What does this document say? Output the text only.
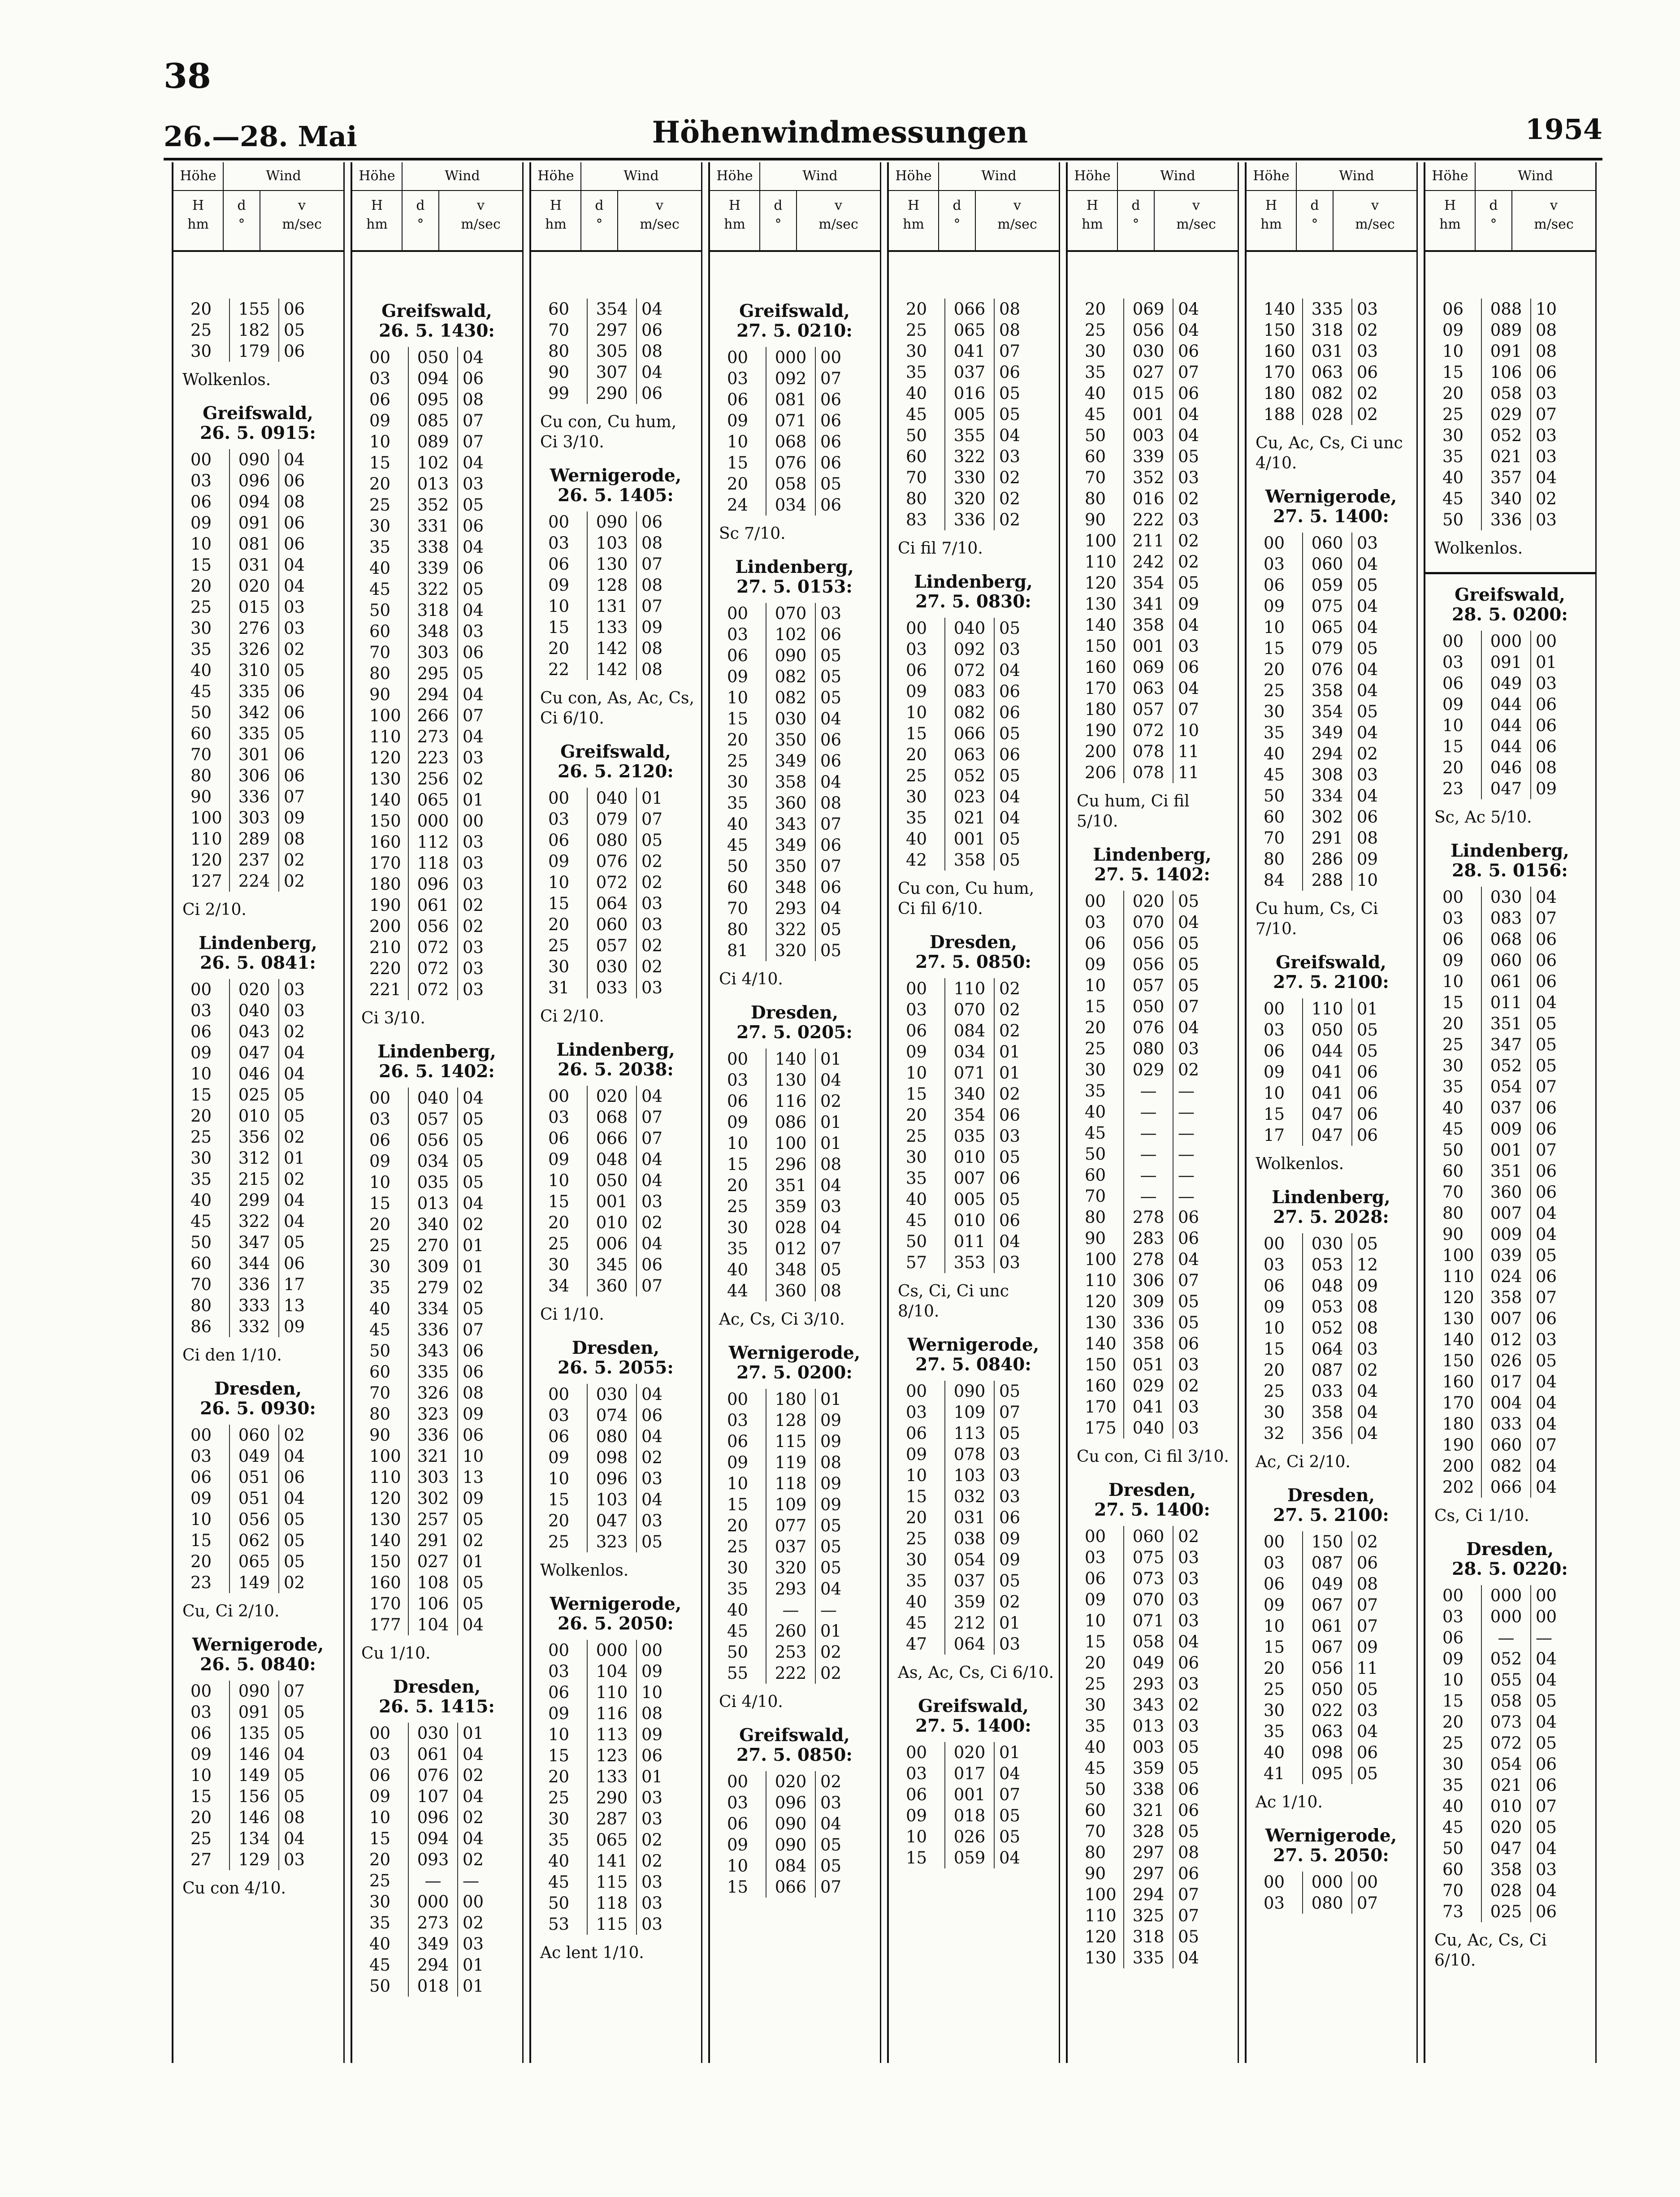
38
26.—28. Mai	Höhenwindmessungen	1954
Höhe	Wind
H
hm
d
°
v
m/sec
20	155	06
25	182	05
30	179	06
Wolkenlos.
Greifswald,
26. 5. 0915:
00	090	04
03	096	06
06	094	08
09	091	06
10	081	06
15	031	04
20	020	04
25	015	03
30	276	03
35	326	02
40	310	05
45	335	06
50	342	06
60	335	05
70	301	06
80	306	06
90	336	07
100	303	09
110	289	08
120	237	02
127	224	02
Ci 2/10.
Lindenberg,
26. 5. 0841:
00	020	03
03	040	03
06	043	02
09	047	04
10	046	04
15	025	05
20	010	05
25	356	02
30	312	01
35	215	02
40	299	04
45	322	04
50	347	05
60	344	06
70	336	17
80	333	13
86	332	09
Ci den 1/10.
Dresden,
26. 5. 0930:
00	060	02
03	049	04
06	051	06
09	051	04
10	056	05
15	062	05
20	065	05
23	149	02
Cu, Ci 2/10.
Wernigerode,
26. 5. 0840:
00	090	07
03	091	05
06	135	05
09	146	04
10	149	05
15	156	05
20	146	08
25	134	04
27	129	03
Cu con 4/10.
Höhe	Wind
H
hm
d
°
v
m/sec
Greifswald,
26. 5. 1430:
00	050	04
03	094	06
06	095	08
09	085	07
10	089	07
15	102	04
20	013	03
25	352	05
30	331	06
35	338	04
40	339	06
45	322	05
50	318	04
60	348	03
70	303	06
80	295	05
90	294	04
100	266	07
110	273	04
120	223	03
130	256	02
140	065	01
150	000	00
160	112	03
170	118	03
180	096	03
190	061	02
200	056	02
210	072	03
220	072	03
221	072	03
Ci 3/10.
Lindenberg,
26. 5. 1402:
00	040	04
03	057	05
06	056	05
09	034	05
10	035	05
15	013	04
20	340	02
25	270	01
30	309	01
35	279	02
40	334	05
45	336	07
50	343	06
60	335	06
70	326	08
80	323	09
90	336	06
100	321	10
110	303	13
120	302	09
130	257	05
140	291	02
150	027	01
160	108	05
170	106	05
177	104	04
Cu 1/10.
Dresden,
26. 5. 1415:
00	030	01
03	061	04
06	076	02
09	107	04
10	096	02
15	094	04
20	093	02
25	—	—
30	000	00
35	273	02
40	349	03
45	294	01
50	018	01
Höhe	Wind
H
hm
d
°
v
m/sec
60	354	04
70	297	06
80	305	08
90	307	04
99	290	06
Cu con, Cu hum, Ci 3/10.
Wernigerode,
26. 5. 1405:
00	090	06
03	103	08
06	130	07
09	128	08
10	131	07
15	133	09
20	142	08
22	142	08
Cu con, As, Ac, Cs, Ci 6/10.
Greifswald,
26. 5. 2120:
00	040	01
03	079	07
06	080	05
09	076	02
10	072	02
15	064	03
20	060	03
25	057	02
30	030	02
31	033	03
Ci 2/10.
Lindenberg,
26. 5. 2038:
00	020	04
03	068	07
06	066	07
09	048	04
10	050	04
15	001	03
20	010	02
25	006	04
30	345	06
34	360	07
Ci 1/10.
Dresden,
26. 5. 2055:
00	030	04
03	074	06
06	080	04
09	098	02
10	096	03
15	103	04
20	047	03
25	323	05
Wolkenlos.
Wernigerode,
26. 5. 2050:
00	000	00
03	104	09
06	110	10
09	116	08
10	113	09
15	123	06
20	133	01
25	290	03
30	287	03
35	065	02
40	141	02
45	115	03
50	118	03
53	115	03
Ac lent 1/10.
Höhe	Wind
H
hm
d
°
v
m/sec
Greifswald,
27. 5. 0210:
00	000	00
03	092	07
06	081	06
09	071	06
10	068	06
15	076	06
20	058	05
24	034	06
Sc 7/10.
Lindenberg,
27. 5. 0153:
00	070	03
03	102	06
06	090	05
09	082	05
10	082	05
15	030	04
20	350	06
25	349	06
30	358	04
35	360	08
40	343	07
45	349	06
50	350	07
60	348	06
70	293	04
80	322	05
81	320	05
Ci 4/10.
Dresden,
27. 5. 0205:
00	140	01
03	130	04
06	116	02
09	086	01
10	100	01
15	296	08
20	351	04
25	359	03
30	028	04
35	012	07
40	348	05
44	360	08
Ac, Cs, Ci 3/10.
Wernigerode,
27. 5. 0200:
00	180	01
03	128	09
06	115	09
09	119	08
10	118	09
15	109	09
20	077	05
25	037	05
30	320	05
35	293	04
40	—	—
45	260	01
50	253	02
55	222	02
Ci 4/10.
Greifswald,
27. 5. 0850:
00	020	02
03	096	03
06	090	04
09	090	05
10	084	05
15	066	07
Höhe	Wind
H
hm
d
°
v
m/sec
20	066	08
25	065	08
30	041	07
35	037	06
40	016	05
45	005	05
50	355	04
60	322	03
70	330	02
80	320	02
83	336	02
Ci fil 7/10.
Lindenberg,
27. 5. 0830:
00	040	05
03	092	03
06	072	04
09	083	06
10	082	06
15	066	05
20	063	06
25	052	05
30	023	04
35	021	04
40	001	05
42	358	05
Cu con, Cu hum, Ci fil 6/10.
Dresden,
27. 5. 0850:
00	110	02
03	070	02
06	084	02
09	034	01
10	071	01
15	340	02
20	354	06
25	035	03
30	010	05
35	007	06
40	005	05
45	010	06
50	011	04
57	353	03
Cs, Ci, Ci unc 8/10.
Wernigerode,
27. 5. 0840:
00	090	05
03	109	07
06	113	05
09	078	03
10	103	03
15	032	03
20	031	06
25	038	09
30	054	09
35	037	05
40	359	02
45	212	01
47	064	03
As, Ac, Cs, Ci 6/10.
Greifswald,
27. 5. 1400:
00	020	01
03	017	04
06	001	07
09	018	05
10	026	05
15	059	04
Höhe	Wind
H
hm
d
°
v
m/sec
20	069	04
25	056	04
30	030	06
35	027	07
40	015	06
45	001	04
50	003	04
60	339	05
70	352	03
80	016	02
90	222	03
100	211	02
110	242	02
120	354	05
130	341	09
140	358	04
150	001	03
160	069	06
170	063	04
180	057	07
190	072	10
200	078	11
206	078	11
Cu hum, Ci fil 5/10.
Lindenberg,
27. 5. 1402:
00	020	05
03	070	04
06	056	05
09	056	05
10	057	05
15	050	07
20	076	04
25	080	03
30	029	02
35	—	—
40	—	—
45	—	—
50	—	—
60	—	—
70	—	—
80	278	06
90	283	06
100	278	04
110	306	07
120	309	05
130	336	05
140	358	06
150	051	03
160	029	02
170	041	03
175	040	03
Cu con, Ci fil 3/10.
Dresden,
27. 5. 1400:
00	060	02
03	075	03
06	073	03
09	070	03
10	071	03
15	058	04
20	049	06
25	293	03
30	343	02
35	013	03
40	003	05
45	359	05
50	338	06
60	321	06
70	328	05
80	297	08
90	297	06
100	294	07
110	325	07
120	318	05
130	335	04
Höhe	Wind
H
hm
d
°
v
m/sec
140	335	03
150	318	02
160	031	03
170	063	06
180	082	02
188	028	02
Cu, Ac, Cs, Ci unc 4/10.
Wernigerode,
27. 5. 1400:
00	060	03
03	060	04
06	059	05
09	075	04
10	065	04
15	079	05
20	076	04
25	358	04
30	354	05
35	349	04
40	294	02
45	308	03
50	334	04
60	302	06
70	291	08
80	286	09
84	288	10
Cu hum, Cs, Ci 7/10.
Greifswald,
27. 5. 2100:
00	110	01
03	050	05
06	044	05
09	041	06
10	041	06
15	047	06
17	047	06
Wolkenlos.
Lindenberg,
27. 5. 2028:
00	030	05
03	053	12
06	048	09
09	053	08
10	052	08
15	064	03
20	087	02
25	033	04
30	358	04
32	356	04
Ac, Ci 2/10.
Dresden,
27. 5. 2100:
00	150	02
03	087	06
06	049	08
09	067	07
10	061	07
15	067	09
20	056	11
25	050	05
30	022	03
35	063	04
40	098	06
41	095	05
Ac 1/10.
Wernigerode,
27. 5. 2050:
00	000	00
03	080	07
Höhe	Wind
H
hm
d
°
v
m/sec
06	088	10
09	089	08
10	091	08
15	106	06
20	058	03
25	029	07
30	052	03
35	021	03
40	357	04
45	340	02
50	336	03
Wolkenlos.
Greifswald,
28. 5. 0200:
00	000	00
03	091	01
06	049	03
09	044	06
10	044	06
15	044	06
20	046	08
23	047	09
Sc, Ac 5/10.
Lindenberg,
28. 5. 0156:
00	030	04
03	083	07
06	068	06
09	060	06
10	061	06
15	011	04
20	351	05
25	347	05
30	052	05
35	054	07
40	037	06
45	009	06
50	001	07
60	351	06
70	360	06
80	007	04
90	009	04
100	039	05
110	024	06
120	358	07
130	007	06
140	012	03
150	026	05
160	017	04
170	004	04
180	033	04
190	060	07
200	082	04
202	066	04
Cs, Ci 1/10.
Dresden,
28. 5. 0220:
00	000	00
03	000	00
06	—	—
09	052	04
10	055	04
15	058	05
20	073	04
25	072	05
30	054	06
35	021	06
40	010	07
45	020	05
50	047	04
60	358	03
70	028	04
73	025	06
Cu, Ac, Cs, Ci 6/10.
